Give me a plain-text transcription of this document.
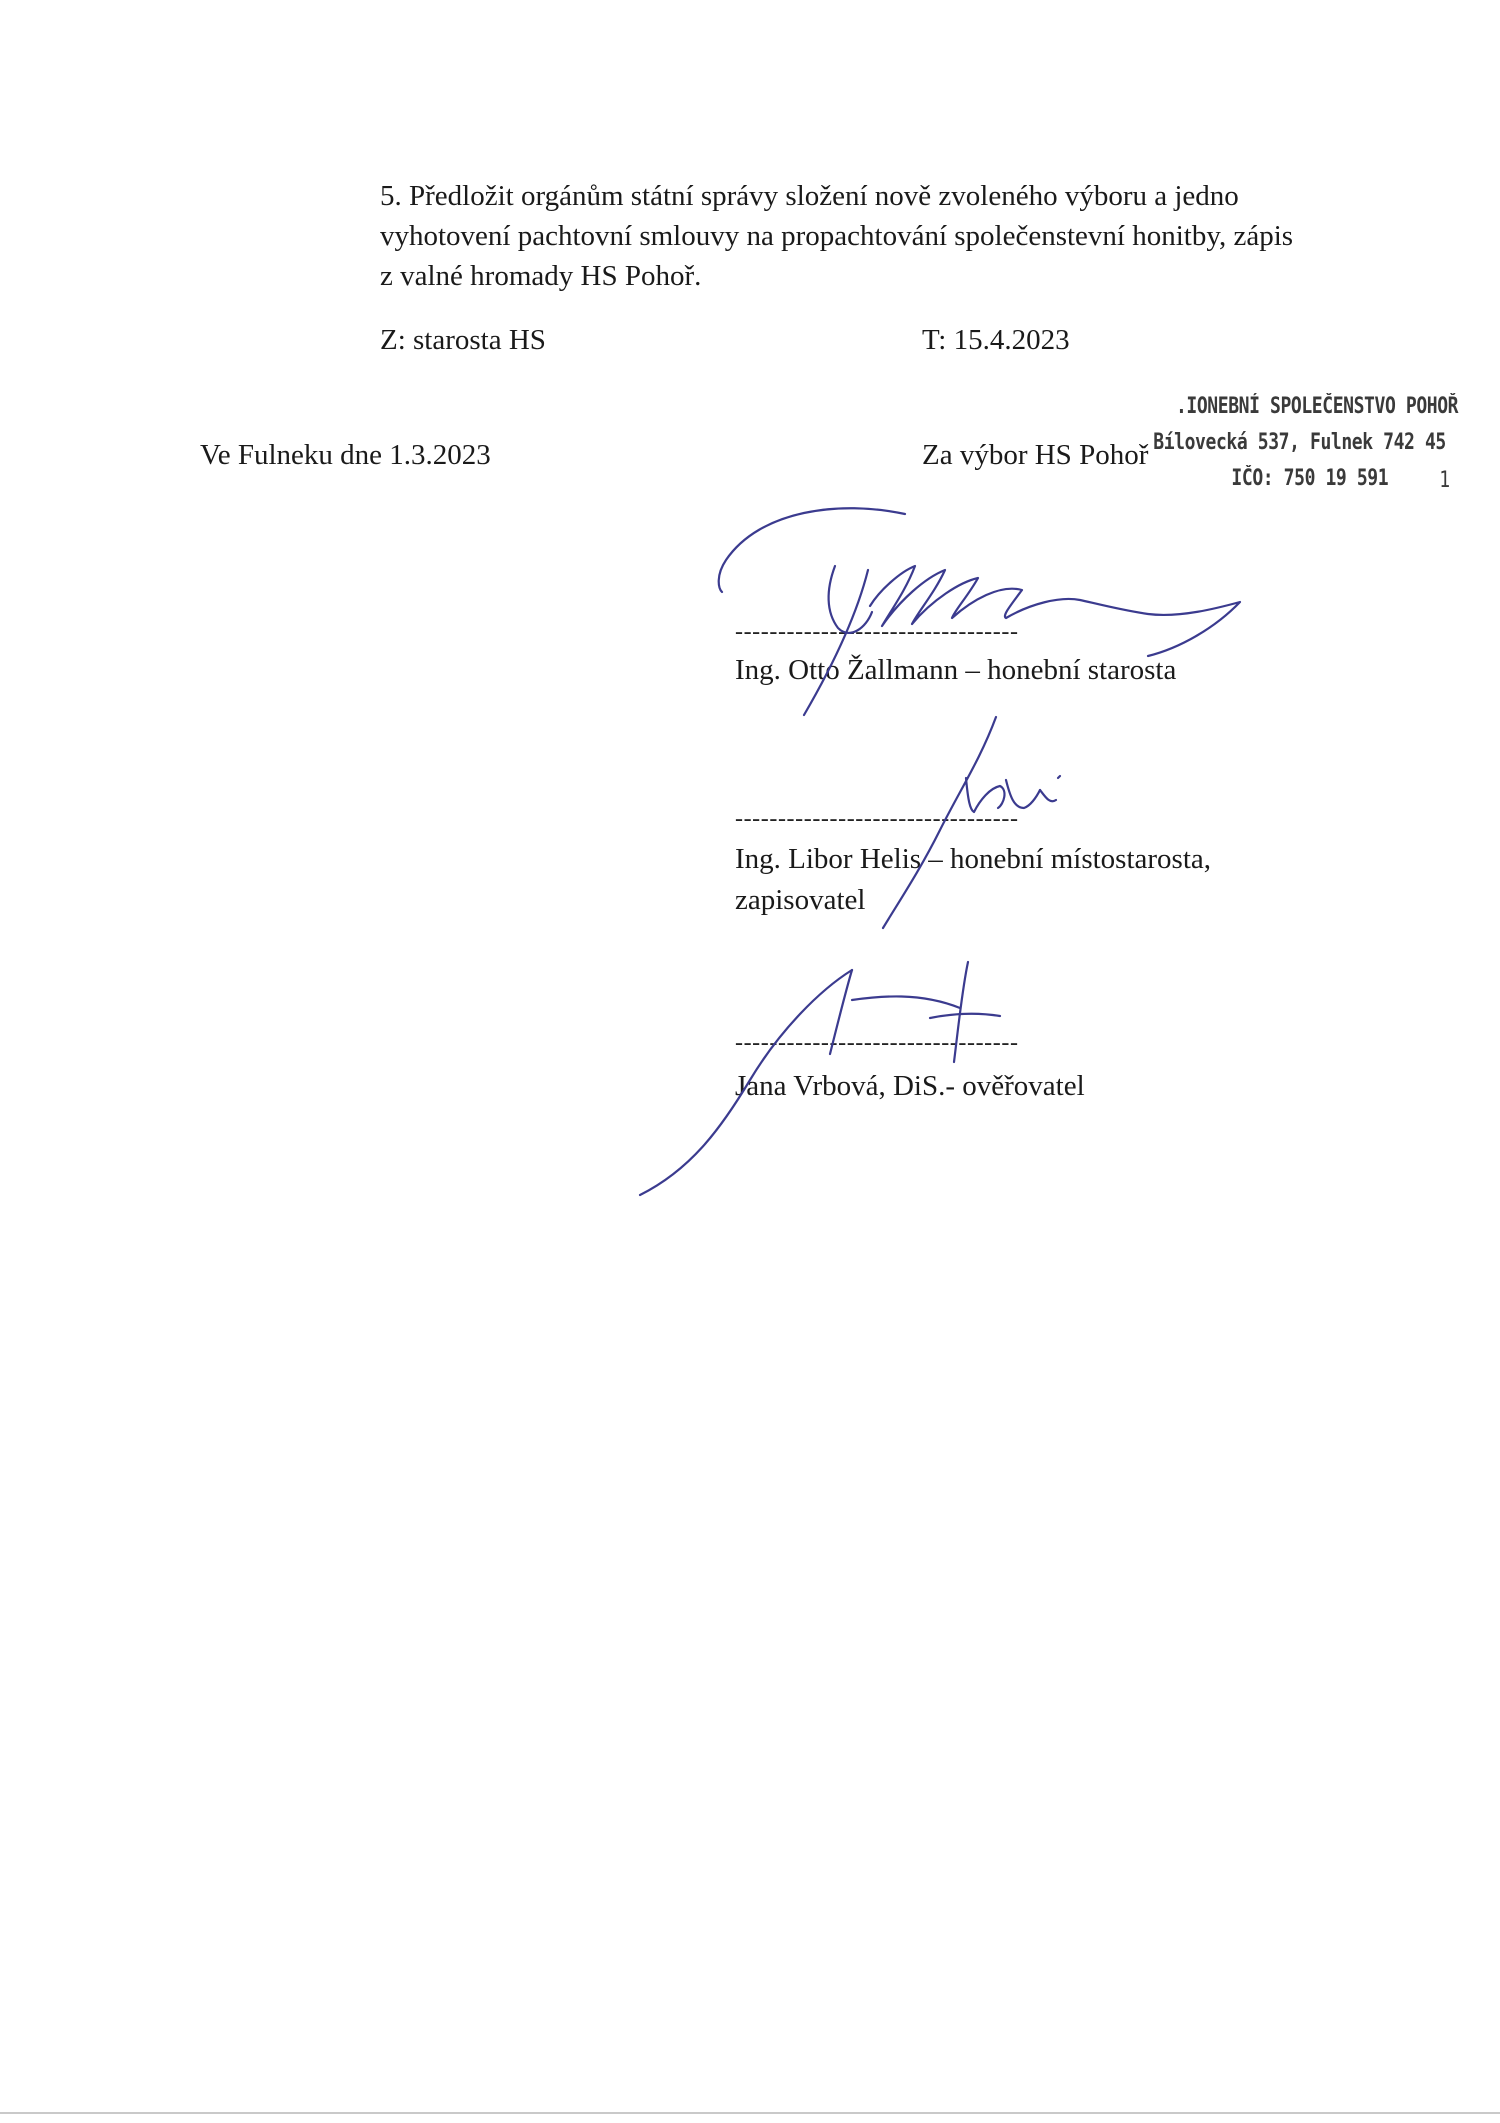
5. Předložit orgánům státní správy složení nově zvoleného výboru a jedno
vyhotovení pachtovní smlouvy na propachtování společenstevní honitby, zápis
z valné hromady HS Pohoř.
Z: starosta HS	T: 15.4.2023
Ve Fulneku dne 1.3.2023	Za výbor HS Pohoř
.IONEBNÍ SPOLEČENSTVO POHOŘ
Bílovecká 537, Fulnek 742 45
IČO: 750 19 591 1
---------------------------------
Ing. Otto Žallmann – honební starosta
---------------------------------
Ing. Libor Helis – honební místostarosta,
zapisovatel
---------------------------------
Jana Vrbová, DiS.- ověřovatel
